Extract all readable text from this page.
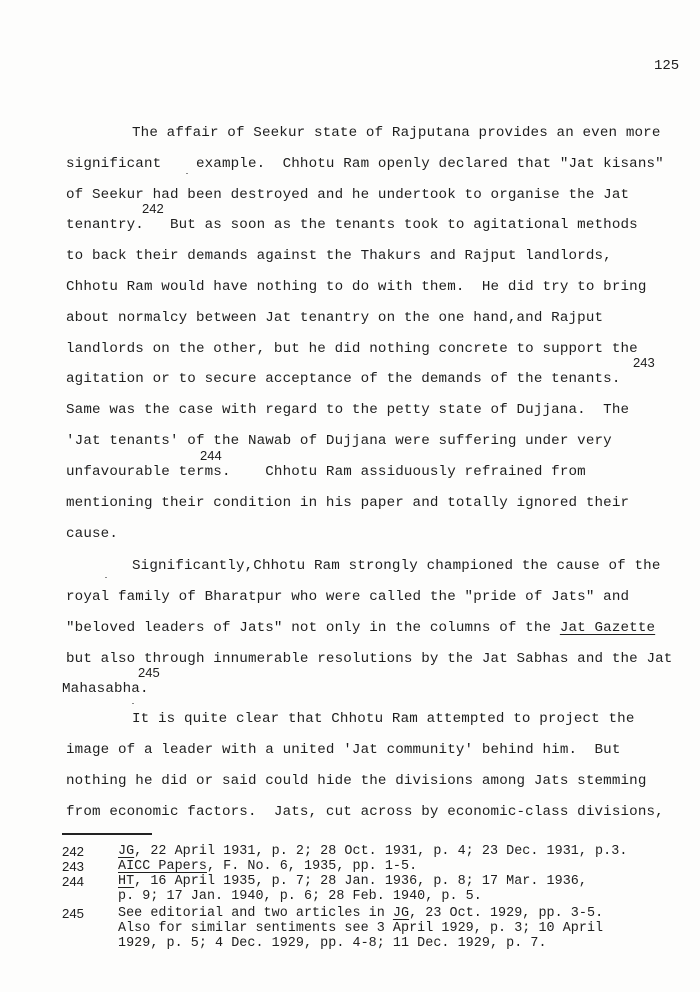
125
The affair of Seekur state of Rajputana provides an even more
significant    example.  Chhotu Ram openly declared that "Jat kisans"
of Seekur had been destroyed and he undertook to organise the Jat
242
tenantry.   But as soon as the tenants took to agitational methods
to back their demands against the Thakurs and Rajput landlords,
Chhotu Ram would have nothing to do with them.  He did try to bring
about normalcy between Jat tenantry on the one hand,and Rajput
landlords on the other, but he did nothing concrete to support the
243
agitation or to secure acceptance of the demands of the tenants.
Same was the case with regard to the petty state of Dujjana.  The
'Jat tenants' of the Nawab of Dujjana were suffering under very
244
unfavourable terms.    Chhotu Ram assiduously refrained from
mentioning their condition in his paper and totally ignored their
cause.
Significantly,Chhotu Ram strongly championed the cause of the
royal family of Bharatpur who were called the "pride of Jats" and
"beloved leaders of Jats" not only in the columns of the Jat Gazette
but also through innumerable resolutions by the Jat Sabhas and the Jat
245
Mahasabha.
It is quite clear that Chhotu Ram attempted to project the
image of a leader with a united 'Jat community' behind him.  But
nothing he did or said could hide the divisions among Jats stemming
from economic factors.  Jats, cut across by economic-class divisions,
242	JG, 22 April 1931, p. 2; 28 Oct. 1931, p. 4; 23 Dec. 1931, p.3.
243	AICC Papers, F. No. 6, 1935, pp. 1-5.
244	HT, 16 April 1935, p. 7; 28 Jan. 1936, p. 8; 17 Mar. 1936,
p. 9; 17 Jan. 1940, p. 6; 28 Feb. 1940, p. 5.
245	See editorial and two articles in JG, 23 Oct. 1929, pp. 3-5.
Also for similar sentiments see 3 April 1929, p. 3; 10 April
1929, p. 5; 4 Dec. 1929, pp. 4-8; 11 Dec. 1929, p. 7.
